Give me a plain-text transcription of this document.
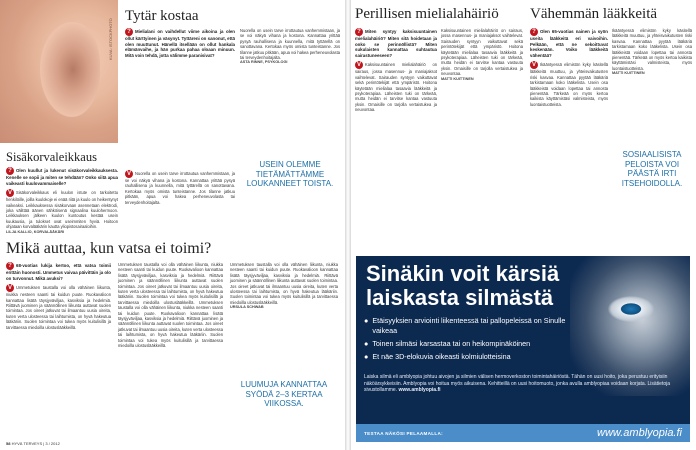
KUVA: ISTOCKPHOTO
Sisäkorvaleikkaus
? Olen kuullut ja lukenut sisäkorvaleikkauksesta. Kenelle se sopii ja miten se tehdään? Onko siitä apua vaikeasti kuulovammaiselle?
V Sisäkorvaleikkaus eli kuulon istute on tarkoitettu henkilöille, joilla kuulokoje ei enää riitä ja kuulo on heikentynyt vaikeaksi. Leikkauksessa sisäkorvaan asennetaan elektrodi, joka välittää äänen sähköisenä signaalina kuulohermoon. Leikkauksen jälkeen kuulon kuntoutus kestää usein kuukausia, ja tulokset ovat useimmiten hyviä. Hoitoon ohjataan korvalääkärin kautta yliopistosairaaloihin.
LILJA KALLIO, KORVALÄÄKÄRI
Tytär kostaa
? Mielialani on vaihdellut viime aikoina ja olen ollut kärttyinen ja väsynyt. Tyttäreni on sanonut, että olen muuttunut. Hänellä itsellään on ollut hankala elämänvaihe, ja hän purkaa pahaa oloaan minuun. Mitä voin tehdä, jotta välimme paranisivat?
V Nuorella on usein tarve irrottautua vanhemmistaan, ja se voi näkyä vihana ja kostona. Kannattaa yrittää pysyä rauhallisena ja kuunnella, mitä tyttärellä on sanottavana. Kertokaa myös omista tunteistanne. Jos tilanne jatkuu pitkään, apua voi hakea perheneuvolasta tai terveydenhoitajalta.
Nuorella on usein tarve irrottautua vanhemmistaan, ja se voi näkyä vihana ja kostona. Kannattaa yrittää pysyä rauhallisena ja kuunnella, mitä tyttärellä on sanottavana. Kertokaa myös omista tunteistanne. Jos tilanne jatkuu pitkään, apua voi hakea perheneuvolasta tai terveydenhoitajalta.
ASTA RINNE, PSYKOLOGI
USEIN OLEMME TIETÄMÄTTÄMME LOUKANNEET TOISTA.
Perillisen mielialahäiriö
? Miten syntyy kaksisuuntainen mielialahäiriö? Miten sitä hoidetaan ja onko se perinnöllistä? Miten sukulaisten kannattaa suhtautua sairastuneeseen?
V Kaksisuuntainen mielialahäiriö on sairaus, jossa masennus- ja maniajaksot vaihtelevat. Sairauden syntyyn vaikuttavat sekä perintötekijät että ympäristö. Hoitona käytetään mielialaa tasaavia lääkkeitä ja psykoterapiaa. Läheisten tuki on tärkeää, mutta heidän ei tarvitse kantaa vastuuta yksin. Omaisille on tarjolla vertaistukea ja neuvontaa.
Kaksisuuntainen mielialahäiriö on sairaus, jossa masennus- ja maniajaksot vaihtelevat. Sairauden syntyyn vaikuttavat sekä perintötekijät että ympäristö. Hoitona käytetään mielialaa tasaavia lääkkeitä ja psykoterapiaa. Läheisten tuki on tärkeää, mutta heidän ei tarvitse kantaa vastuuta yksin. Omaisille on tarjolla vertaistukea ja neuvontaa.
MATTI KUITTINEN
Vähemmän lääkkeitä
? Olen 65-vuotias nainen ja syön useita lääkkeitä eri vaivoihin. Pelkään, että ne sekoittuvat keskenään. Voiko lääkkeitä vähentää?
V Ikääntyessä elimistön kyky käsitellä lääkkeitä muuttuu, ja yhteisvaikutusten riski kasvaa. Kannattaa pyytää lääkäriä tarkistamaan koko lääkelista. Usein osa lääkkeistä voidaan lopettaa tai annosta pienentää. Tärkeää on myös kertoa kaikista käyttämistäsi valmisteista, myös luontaistuotteista.
Ikääntyessä elimistön kyky käsitellä lääkkeitä muuttuu, ja yhteisvaikutusten riski kasvaa. Kannattaa pyytää lääkäriä tarkistamaan koko lääkelista. Usein osa lääkkeistä voidaan lopettaa tai annosta pienentää. Tärkeää on myös kertoa kaikista käyttämistäsi valmisteista, myös luontaistuotteista.
MATTI KUITTINEN
SOSIAALISISTA PELOISTA VOI PÄÄSTÄ IRTI ITSEHOIDOLLA.
Mikä auttaa, kun vatsa ei toimi?
? 68-vuotias lukija kertoo, että vatsa toimii erittäin huonosti. Ummetus vaivaa päivittäin ja olo on turvonnut. Mikä avuksi?
V Ummetuksen taustalla voi olla vähäinen liikunta, niukka nesteen saanti tai kuidun puute. Ruokavalioon kannattaa lisätä täysjyväviljaa, kasviksia ja hedelmiä. Riittävä juominen ja säännöllinen liikunta auttavat suolen toimintaa. Jos oireet jatkuvat tai ilmaantuu uusia oireita, kuten verta ulosteessa tai laihtumista, on hyvä hakeutua lääkäriin. Suolen toimintaa voi tukea myös kuitulisillä ja tarvittaessa miedoilla ulostuslääkkeillä.
Ummetuksen taustalla voi olla vähäinen liikunta, niukka nesteen saanti tai kuidun puute. Ruokavalioon kannattaa lisätä täysjyväviljaa, kasviksia ja hedelmiä. Riittävä juominen ja säännöllinen liikunta auttavat suolen toimintaa. Jos oireet jatkuvat tai ilmaantuu uusia oireita, kuten verta ulosteessa tai laihtumista, on hyvä hakeutua lääkäriin. Suolen toimintaa voi tukea myös kuitulisillä ja tarvittaessa miedoilla ulostuslääkkeillä. Ummetuksen taustalla voi olla vähäinen liikunta, niukka nesteen saanti tai kuidun puute. Ruokavalioon kannattaa lisätä täysjyväviljaa, kasviksia ja hedelmiä. Riittävä juominen ja säännöllinen liikunta auttavat suolen toimintaa. Jos oireet jatkuvat tai ilmaantuu uusia oireita, kuten verta ulosteessa tai laihtumista, on hyvä hakeutua lääkäriin. Suolen toimintaa voi tukea myös kuitulisillä ja tarvittaessa miedoilla ulostuslääkkeillä.
Ummetuksen taustalla voi olla vähäinen liikunta, niukka nesteen saanti tai kuidun puute. Ruokavalioon kannattaa lisätä täysjyväviljaa, kasviksia ja hedelmiä. Riittävä juominen ja säännöllinen liikunta auttavat suolen toimintaa. Jos oireet jatkuvat tai ilmaantuu uusia oireita, kuten verta ulosteessa tai laihtumista, on hyvä hakeutua lääkäriin. Suolen toimintaa voi tukea myös kuitulisillä ja tarvittaessa miedoilla ulostuslääkkeillä.
URSULA SCHWAB
LUUMUJA KANNATTAA SYÖDÄ 2–3 KERTAA VIIKOSSA.
Sinäkin voit kärsiä laiskasta silmästä
● Etäisyyksien arviointi liikenteessä tai pallopeleissä on Sinulle vaikeaa
● Toinen silmäsi karsastaa tai on heikompinäköinen
● Et näe 3D-elokuvia oikeasti kolmiulotteisina
Laiska silmä eli amblyopia johtuu aivojen ja silmien välisen hermoverkoston toimintahäiriöstä. Tähän on uusi hoito, joka perustuu erityisiin näköärsykkeisiin. Amblyopia voi hoitua myös aikuisena. Kehitteillä on uusi hoitomuoto, jonka avulla amblyopiaa voidaan korjata. Lisätietoja sivustollamme. www.amblyopia.fi
TESTAA NÄKÖSI PELAAMALLA:	www.amblyopia.fi
58 HYVÄ TERVEYS | 3 / 2012
